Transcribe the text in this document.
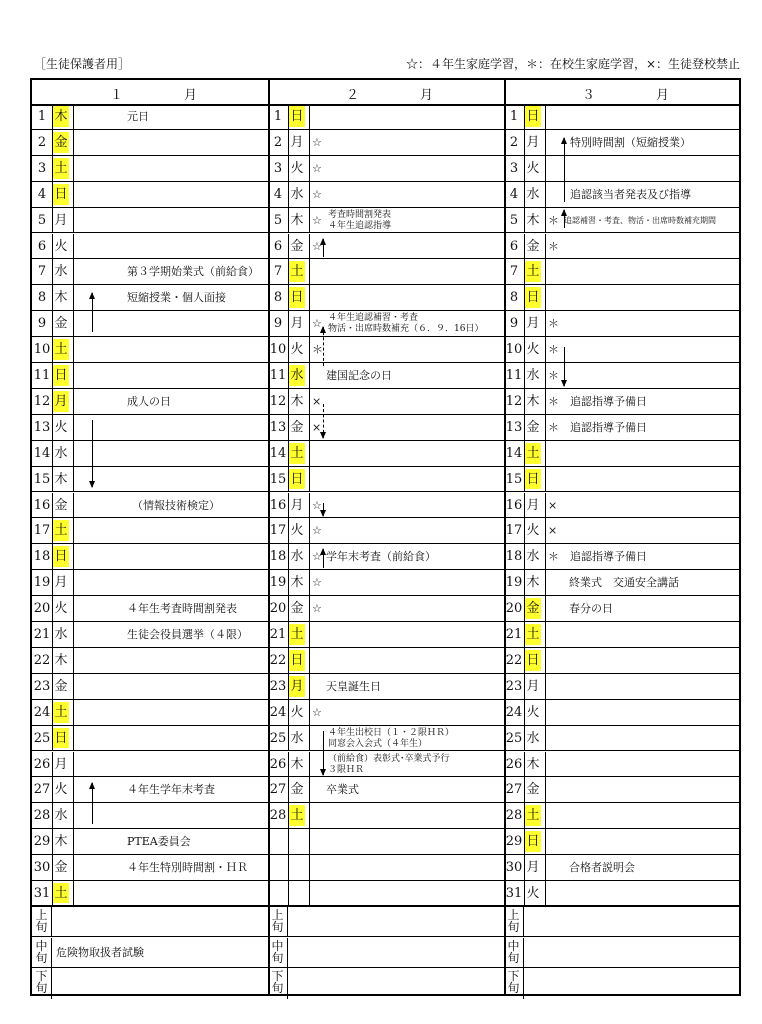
［生徒保護者用］	☆：４年生家庭学習，＊：在校生家庭学習，×：生徒登校禁止
１	月
1 木	元日
2 金
3 土
4 日
5 月
6 火
7 水	第３学期始業式（前給食）
8 木	短縮授業・個人面接
9 金
10 土
11 日
12 月	成人の日
13 火
14 水
15 木
16 金	（情報技術検定）
17 土
18 日
19 月
20 火	４年生考査時間割発表
21 水	生徒会役員選挙（４限）
22 木
23 金
24 土
25 日
26 月
27 火	４年生学年末考査
28 水
29 木	PTEA委員会
30 金	４年生特別時間割・ＨＲ
31 土
上旬
中旬 危険物取扱者試験
下旬
２	月
1 日
2 月 ☆
3 火 ☆
4 水 ☆
5 木 ☆ 考査時間割発表
４年生追認指導
6 金 ☆
7 土
8 日
9 月 ☆ ４年生追認補習・考査
物活・出席時数補充（６．９．16日）
10 火 ＊
11 水 建国記念の日
12 木 ×
13 金 ×
14 土
15 日
16 月 ☆
17 火 ☆
18 水 ☆ 学年末考査（前給食）
19 木 ☆
20 金 ☆
21 土
22 日
23 月 天皇誕生日
24 火 ☆
25 水	４年生出校日（１・２限ＨＲ）
同窓会入会式（４年生）
26 木	（前給食）表彰式･卒業式予行
３限ＨＲ
27 金 卒業式
28 土
上旬
中旬
下旬
３	月
1 日
2 月	特別時間割（短縮授業）
3 火
4 水	追認該当者発表及び指導
5 木 ＊ 追認補習・考査、物活・出席時数補充期間
6 金 ＊
7 土
8 日
9 月 ＊
10 火 ＊
11 水 ＊
12 木 ＊ 追認指導予備日
13 金 ＊ 追認指導予備日
14 土
15 日
16 月 ×
17 火 ×
18 水 ＊ 追認指導予備日
19 木	終業式　交通安全講話
20 金	春分の日
21 土
22 日
23 月
24 火
25 水
26 木
27 金
28 土
29 日
30 月	合格者説明会
31 火
上旬
中旬
下旬
